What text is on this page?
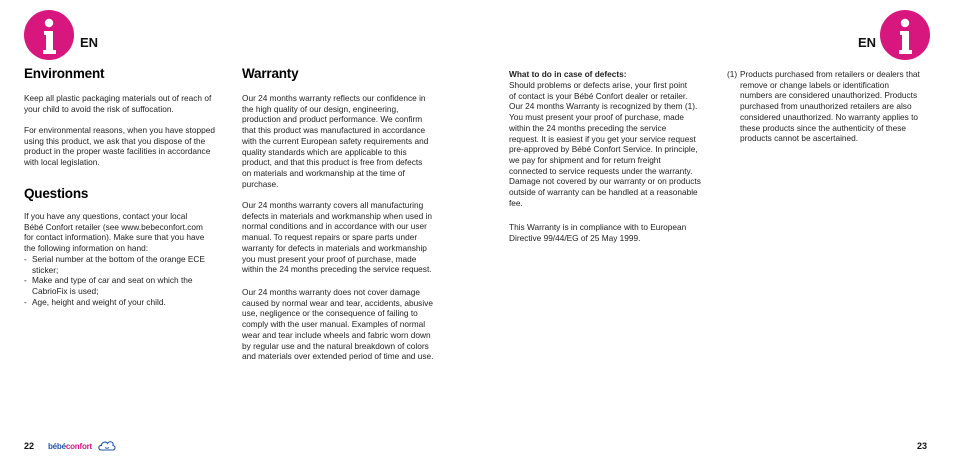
EN	EN
Environment

Keep all plastic packaging materials out of reach of
your child to avoid the risk of suffocation.

For environmental reasons, when you have stopped
using this product, we ask that you dispose of the
product in the proper waste facilities in accordance
with local legislation.

Questions

If you have any questions, contact your local
Bébé Confort retailer (see www.bebeconfort.com
for contact information). Make sure that you have
the following information on hand:

- Serial number at the bottom of the orange ECE
sticker;
- Make and type of car and seat on which the
CabrioFix is used;
- Age, height and weight of your child.
Warranty

Our 24 months warranty reflects our confidence in
the high quality of our design, engineering,
production and product performance. We confirm
that this product was manufactured in accordance
with the current European safety requirements and
quality standards which are applicable to this
product, and that this product is free from defects
on materials and workmanship at the time of
purchase.

Our 24 months warranty covers all manufacturing
defects in materials and workmanship when used in
normal conditions and in accordance with our user
manual. To request repairs or spare parts under
warranty for defects in materials and workmanship
you must present your proof of purchase, made
within the 24 months preceding the service request.

Our 24 months warranty does not cover damage
caused by normal wear and tear, accidents, abusive
use, negligence or the consequence of failing to
comply with the user manual. Examples of normal
wear and tear include wheels and fabric worn down
by regular use and the natural breakdown of colors
and materials over extended period of time and use.

What to do in case of defects:

Should problems or defects arise, your first point
of contact is your Bébé Confort dealer or retailer.
Our 24 months Warranty is recognized by them (1).
You must present your proof of purchase, made
within the 24 months preceding the service
request. It is easiest if you get your service request
pre-approved by Bébé Confort Service. In principle,
we pay for shipment and for return freight
connected to service requests under the warranty.
Damage not covered by our warranty or on products
outside of warranty can be handled at a reasonable
fee.

This Warranty is in compliance with to European
Directive 99/44/EG of 25 May 1999.

(1) Products purchased from retailers or dealers that
remove or change labels or identification
numbers are considered unauthorized. Products
purchased from unauthorized retailers are also
considered unauthorized. No warranty applies to
these products since the authenticity of these
products cannot be ascertained.

22 bébéconfort	23
